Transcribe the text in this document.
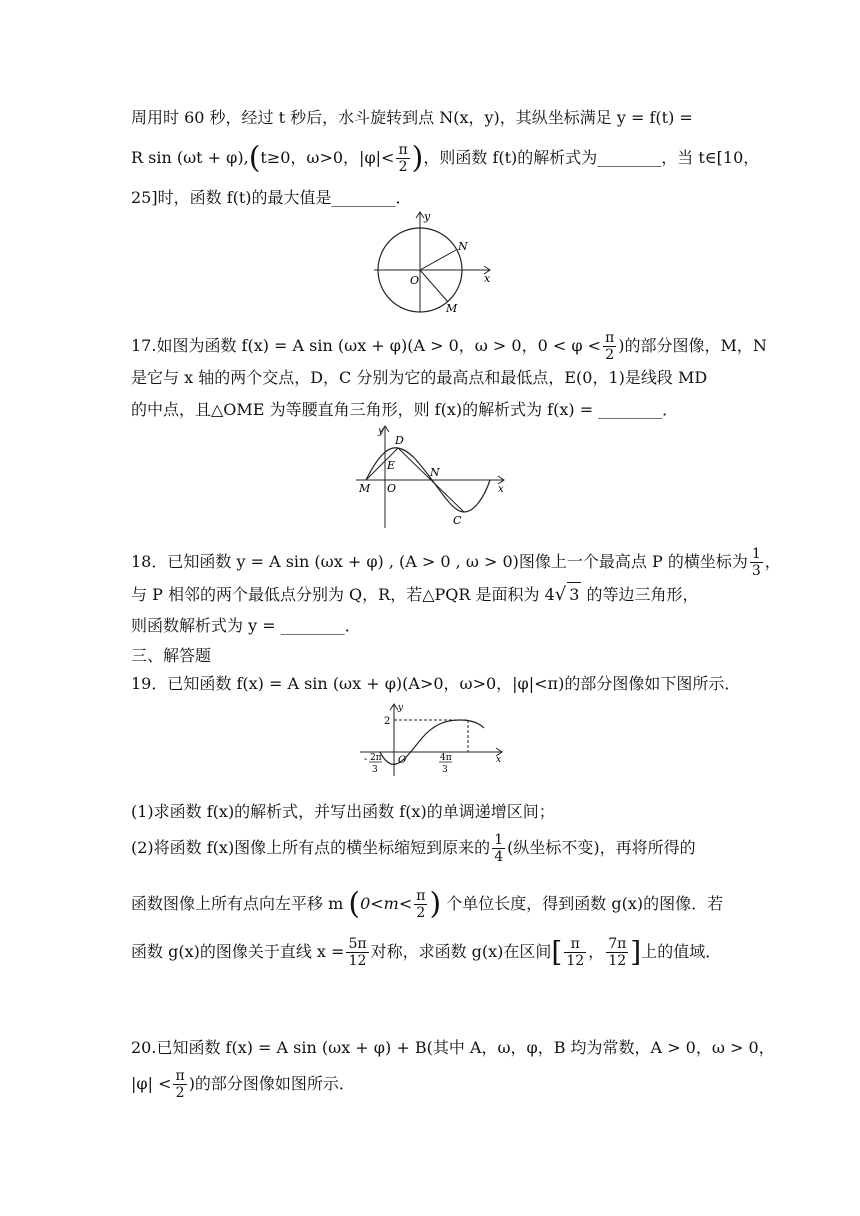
周用时 60 秒，经过 t 秒后，水斗旋转到点 N(x，y)，其纵坐标满足 y = f(t) =
R sin (ωt + φ),(t≥0，ω>0，$|\varphi|< \frac{\pi}{2}$ )，则函数 f(t)的解析式为________，当 t∈[10，
25]时，函数 f(t)的最大值是________．
y
x
O
N
M
17.如图为函数 f(x) = A sin (ωx + φ)(A > 0，ω > 0，$0 < \varphi < \frac{\pi}{2}$ )的部分图像，M，N
是它与 x 轴的两个交点，D，C 分别为它的最高点和最低点，E(0，1)是线段 MD
的中点，且△OME 为等腰直角三角形，则 f(x)的解析式为 f(x) = ________．
y
x
D
E
N
M O
C
18．已知函数 y = A sin (ωx + φ) , (A > 0 , ω > 0)图像上一个最高点 P 的横坐标为 $\frac{1}{3}$ ，
与 P 相邻的两个最低点分别为 Q，R，若△PQR 是面积为 4√ 3 的等边三角形，
则函数解析式为 y = ________．
三、解答题
19．已知函数 f(x) = A sin (ωx + φ)(A>0，ω>0，|φ|<π)的部分图像如下图所示．
y
x
2
O
- 2π
3
4π
3
(1)求函数 f(x)的解析式，并写出函数 f(x)的单调递增区间；
(2)将函数 f(x)图像上所有点的横坐标缩短到原来的 $\frac{1}{4}$ (纵坐标不变)，再将所得的
函数图像上所有点向左平移 m ($0<m< \frac{\pi}{2}$ ) 个单位长度，得到函数 g(x)的图像．若
函数 g(x)的图像关于直线 $x = \frac{5\pi}{12}$ 对称，求函数 g(x)在区间[ $\frac{\pi}{12}$ ， $\frac{7\pi}{12}$ ]上的值域．
20.已知函数 f(x) = A sin (ωx + φ) + B(其中 A，ω，φ，B 均为常数，A > 0，ω > 0，
$|\varphi| < \frac{\pi}{2}$ )的部分图像如图所示．
